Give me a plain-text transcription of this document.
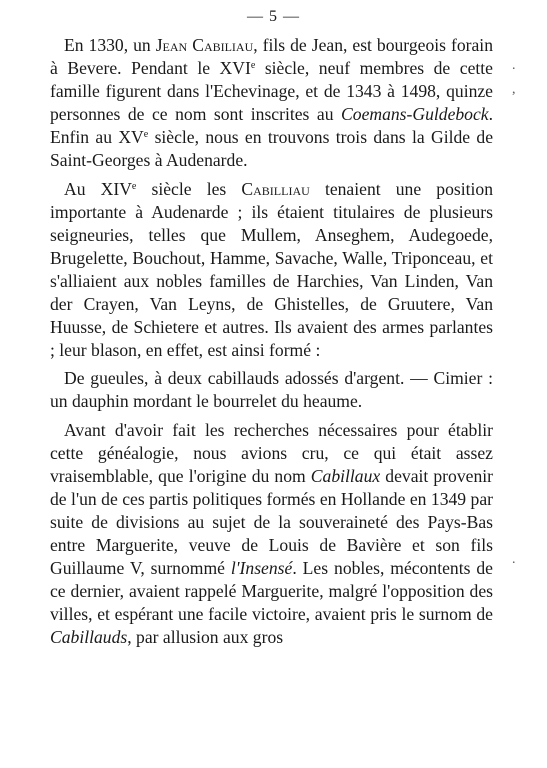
— 5 —
.
,
.

En 1330, un Jean Cabiliau, fils de Jean, est bourgeois forain à Bevere. Pendant le XVIe siècle, neuf membres de cette famille figurent dans l'Echevinage, et de 1343 à 1498, quinze personnes de ce nom sont inscrites au Coemans-Guldebock. Enfin au XVe siècle, nous en trouvons trois dans la Gilde de Saint-Georges à Audenarde.

Au XIVe siècle les Cabilliau tenaient une position importante à Audenarde ; ils étaient titulaires de plusieurs seigneuries, telles que Mullem, Anseghem, Audegoede, Brugelette, Bouchout, Hamme, Savache, Walle, Triponceau, et s'alliaient aux nobles familles de Harchies, Van Linden, Van der Crayen, Van Leyns, de Ghistelles, de Gruutere, Van Huusse, de Schietere et autres. Ils avaient des armes parlantes ; leur blason, en effet, est ainsi formé :

De gueules, à deux cabillauds adossés d'argent. — Cimier : un dauphin mordant le bourrelet du heaume.

Avant d'avoir fait les recherches nécessaires pour établir cette généalogie, nous avions cru, ce qui était assez vraisemblable, que l'origine du nom Cabillaux devait provenir de l'un de ces partis politiques formés en Hollande en 1349 par suite de divisions au sujet de la souveraineté des Pays-Bas entre Marguerite, veuve de Louis de Bavière et son fils Guillaume V, surnommé l'Insensé. Les nobles, mécontents de ce dernier, avaient rappelé Marguerite, malgré l'opposition des villes, et espérant une facile victoire, avaient pris le surnom de Cabillauds, par allusion aux gros
